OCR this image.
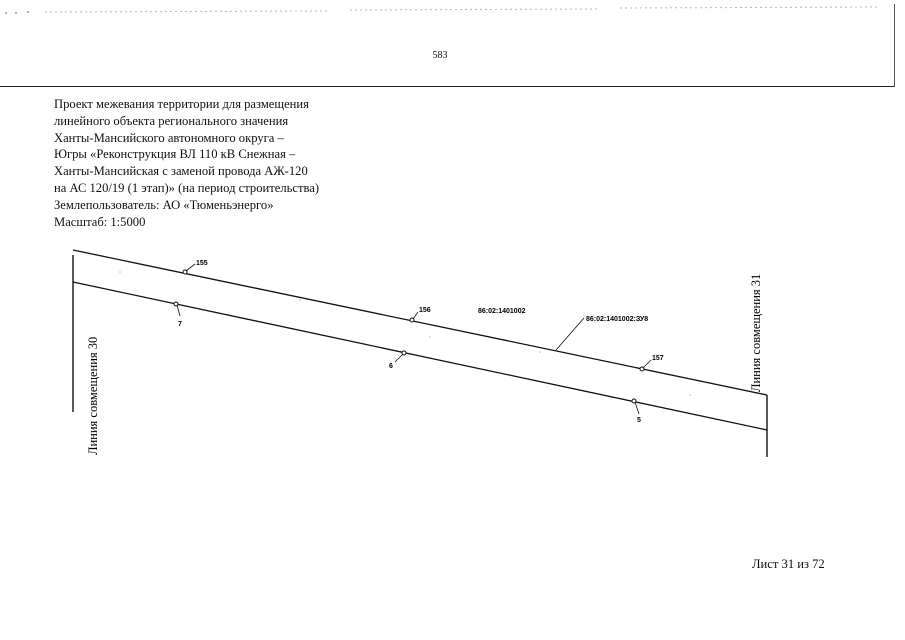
583
Проект межевания территории для размещения
линейного объекта регионального значения
Ханты-Мансийского автономного округа –
Югры «Реконструкция ВЛ 110 кВ Снежная –
Ханты-Мансийская с заменой провода АЖ-120
на АС 120/19 (1 этап)» (на период строительства)
Землепользователь: АО «Тюменьэнерго»
Масштаб: 1:5000
155
156
157
7
6
5
86:02:1401002
86:02:1401002:ЗУ8
Линия совмещения 30
Линия совмещения 31
Лист 31 из 72
